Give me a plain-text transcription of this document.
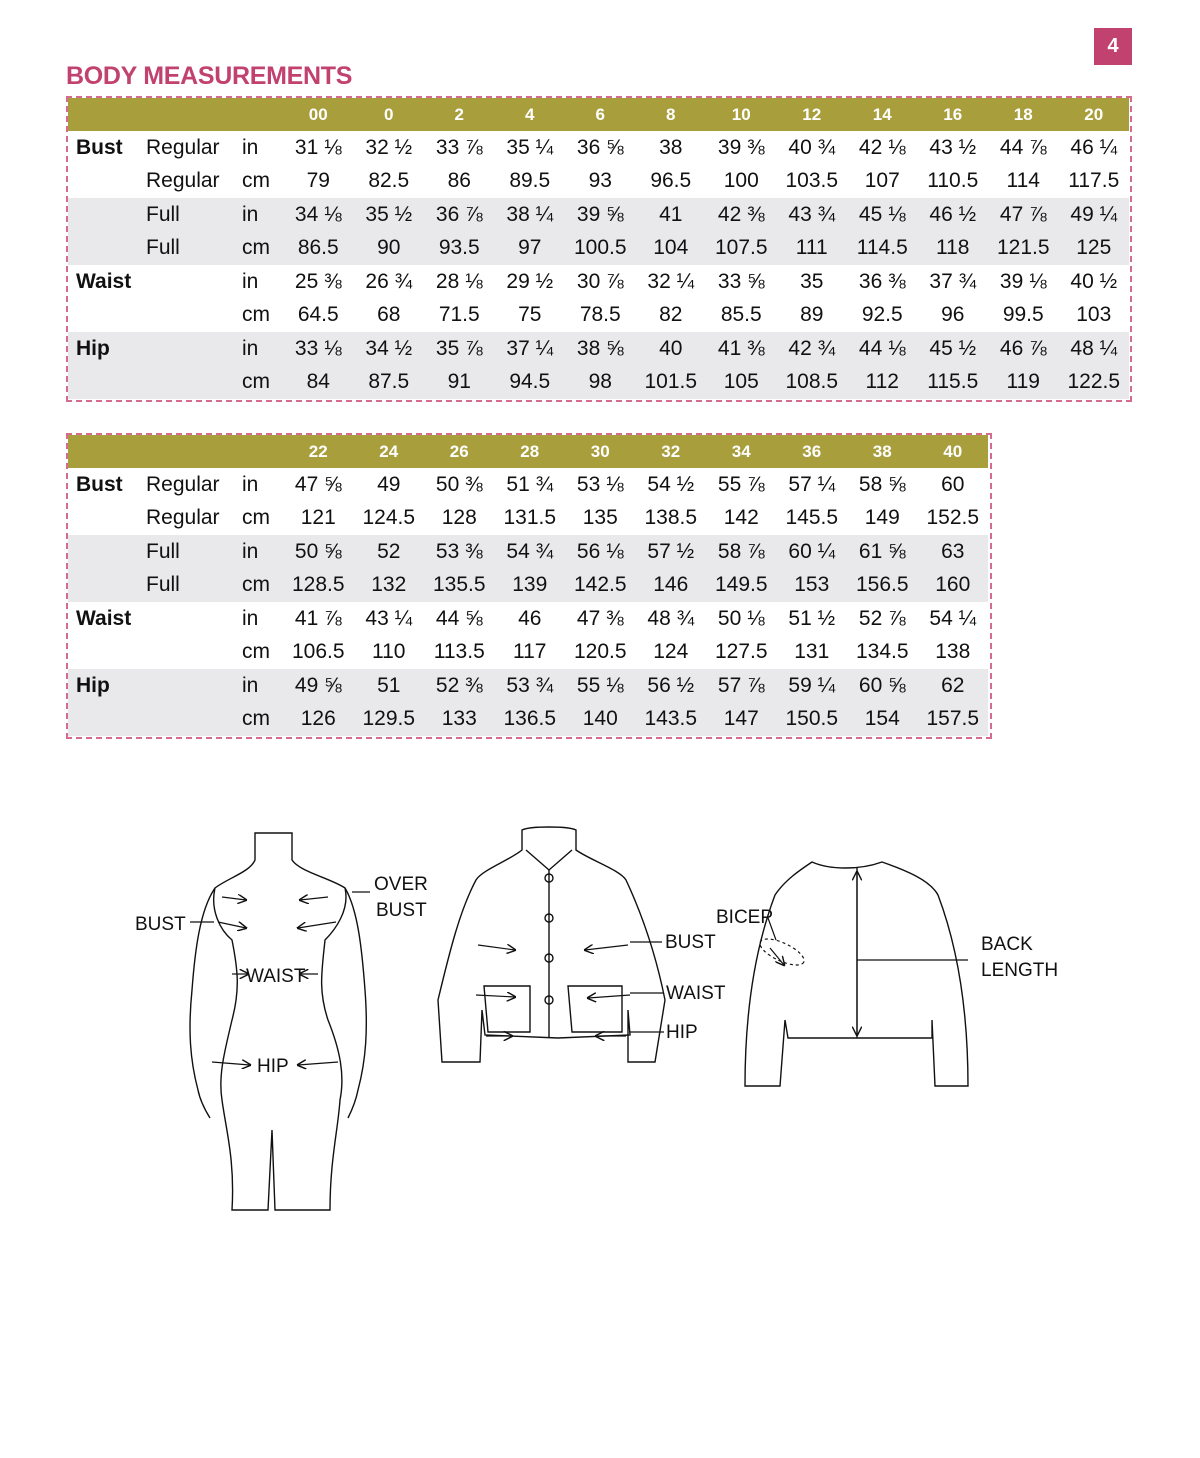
4
BODY MEASUREMENTS
			00	0	2	4	6	8	10	12	14	16	18	20
Bust	Regular	in	31 ⅛	32 ½	33 ⅞	35 ¼	36 ⅝	38	39 ⅜	40 ¾	42 ⅛	43 ½	44 ⅞	46 ¼
	Regular	cm	79	82.5	86	89.5	93	96.5	100	103.5	107	110.5	114	117.5
	Full	in	34 ⅛	35 ½	36 ⅞	38 ¼	39 ⅝	41	42 ⅜	43 ¾	45 ⅛	46 ½	47 ⅞	49 ¼
	Full	cm	86.5	90	93.5	97	100.5	104	107.5	111	114.5	118	121.5	125
Waist		in	25 ⅜	26 ¾	28 ⅛	29 ½	30 ⅞	32 ¼	33 ⅝	35	36 ⅜	37 ¾	39 ⅛	40 ½
		cm	64.5	68	71.5	75	78.5	82	85.5	89	92.5	96	99.5	103
Hip		in	33 ⅛	34 ½	35 ⅞	37 ¼	38 ⅝	40	41 ⅜	42 ¾	44 ⅛	45 ½	46 ⅞	48 ¼
		cm	84	87.5	91	94.5	98	101.5	105	108.5	112	115.5	119	122.5
			22	24	26	28	30	32	34	36	38	40
Bust	Regular	in	47 ⅝	49	50 ⅜	51 ¾	53 ⅛	54 ½	55 ⅞	57 ¼	58 ⅝	60
	Regular	cm	121	124.5	128	131.5	135	138.5	142	145.5	149	152.5
	Full	in	50 ⅝	52	53 ⅜	54 ¾	56 ⅛	57 ½	58 ⅞	60 ¼	61 ⅝	63
	Full	cm	128.5	132	135.5	139	142.5	146	149.5	153	156.5	160
Waist		in	41 ⅞	43 ¼	44 ⅝	46	47 ⅜	48 ¾	50 ⅛	51 ½	52 ⅞	54 ¼
		cm	106.5	110	113.5	117	120.5	124	127.5	131	134.5	138
Hip		in	49 ⅝	51	52 ⅜	53 ¾	55 ⅛	56 ½	57 ⅞	59 ¼	60 ⅝	62
		cm	126	129.5	133	136.5	140	143.5	147	150.5	154	157.5
OVER
BUST
BUST
WAIST
HIP
BUST
WAIST
HIP
BICEP
BACK
LENGTH
